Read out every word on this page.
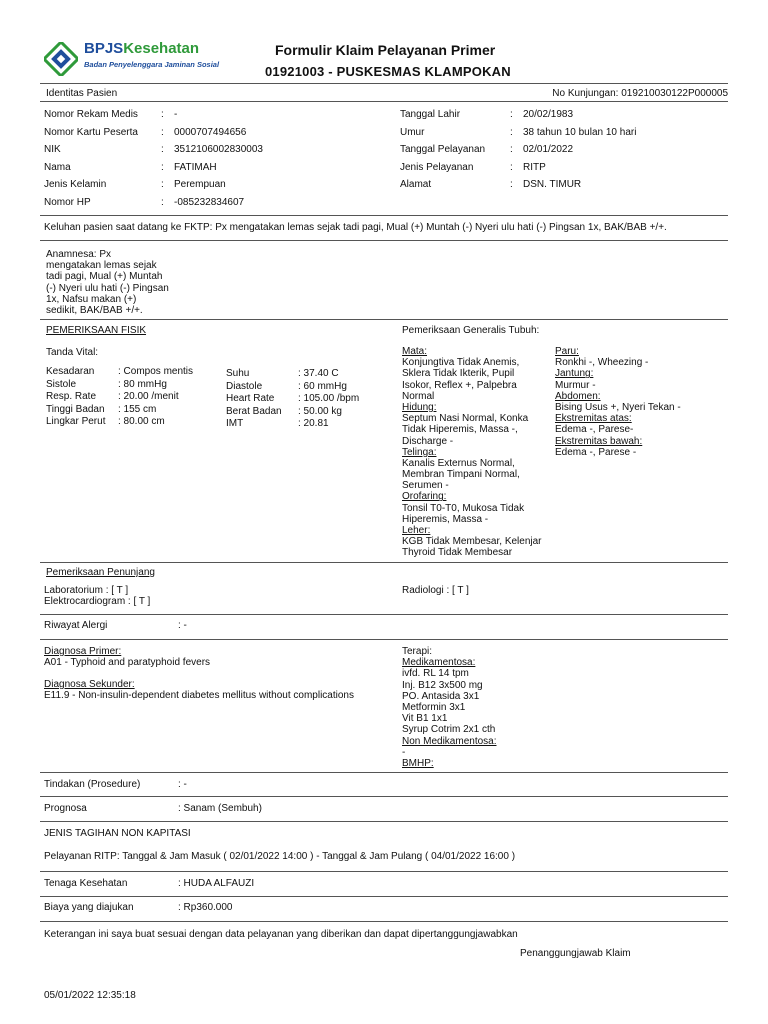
BPJSKesehatan
Badan Penyelenggara Jaminan Sosial
Formulir Klaim Pelayanan Primer
01921003 - PUSKESMAS KLAMPOKAN
Identitas Pasien	No Kunjungan: 019210030122P000005
Nomor Rekam Medis : -
Nomor Kartu Peserta : 0000707494656
NIK	: 3512106002830003
Nama	: FATIMAH
Jenis Kelamin	: Perempuan
Nomor HP	: -085232834607
Tanggal Lahir	: 20/02/1983
Umur	: 38 tahun 10 bulan 10 hari
Tanggal Pelayanan : 02/01/2022
Jenis Pelayanan	: RITP
Alamat	: DSN. TIMUR
Keluhan pasien saat datang ke FKTP: Px mengatakan lemas sejak tadi pagi, Mual (+) Muntah (-) Nyeri ulu hati (-) Pingsan 1x, BAK/BAB +/+.
Anamnesa: Px
mengatakan lemas sejak
tadi pagi, Mual (+) Muntah
(-) Nyeri ulu hati (-) Pingsan
1x, Nafsu makan (+)
sedikit, BAK/BAB +/+.
PEMERIKSAAN FISIK	Pemeriksaan Generalis Tubuh:
Tanda Vital:
Kesadaran : Compos mentis
Sistole	: 80 mmHg
Resp. Rate : 20.00 /menit
Tinggi Badan : 155 cm
Lingkar Perut : 80.00 cm
Suhu	: 37.40 C
Diastole	: 60 mmHg
Heart Rate : 105.00 /bpm
Berat Badan : 50.00 kg
IMT	: 20.81
Mata:
Konjungtiva Tidak Anemis,
Sklera Tidak Ikterik, Pupil
Isokor, Reflex +, Palpebra
Normal
Hidung:
Septum Nasi Normal, Konka
Tidak Hiperemis, Massa -,
Discharge -
Telinga:
Kanalis Externus Normal,
Membran Timpani Normal,
Serumen -
Orofaring:
Tonsil T0-T0, Mukosa Tidak
Hiperemis, Massa -
Leher:
KGB Tidak Membesar, Kelenjar
Thyroid Tidak Membesar
Paru:
Ronkhi -, Wheezing -
Jantung:
Murmur -
Abdomen:
Bising Usus +, Nyeri Tekan -
Ekstremitas atas:
Edema -, Parese-
Ekstremitas bawah:
Edema -, Parese -
Pemeriksaan Penunjang
Laboratorium : [ T ]
Elektrocardiogram : [ T ]
Radiologi : [ T ]
Riwayat Alergi	: -
Diagnosa Primer:
A01 - Typhoid and paratyphoid fevers
Diagnosa Sekunder:
E11.9 - Non-insulin-dependent diabetes mellitus without complications
Terapi:
Medikamentosa:
ivfd. RL 14 tpm
Inj. B12 3x500 mg
PO. Antasida 3x1
Metformin 3x1
Vit B1 1x1
Syrup Cotrim 2x1 cth
Non Medikamentosa:
-
BMHP:
Tindakan (Prosedure)	: -
Prognosa	: Sanam (Sembuh)
JENIS TAGIHAN NON KAPITASI
Pelayanan RITP: Tanggal & Jam Masuk ( 02/01/2022 14:00 ) - Tanggal & Jam Pulang ( 04/01/2022 16:00 )
Tenaga Kesehatan	: HUDA ALFAUZI
Biaya yang diajukan	: Rp360.000
Keterangan ini saya buat sesuai dengan data pelayanan yang diberikan dan dapat dipertanggungjawabkan
Penanggungjawab Klaim
05/01/2022 12:35:18
